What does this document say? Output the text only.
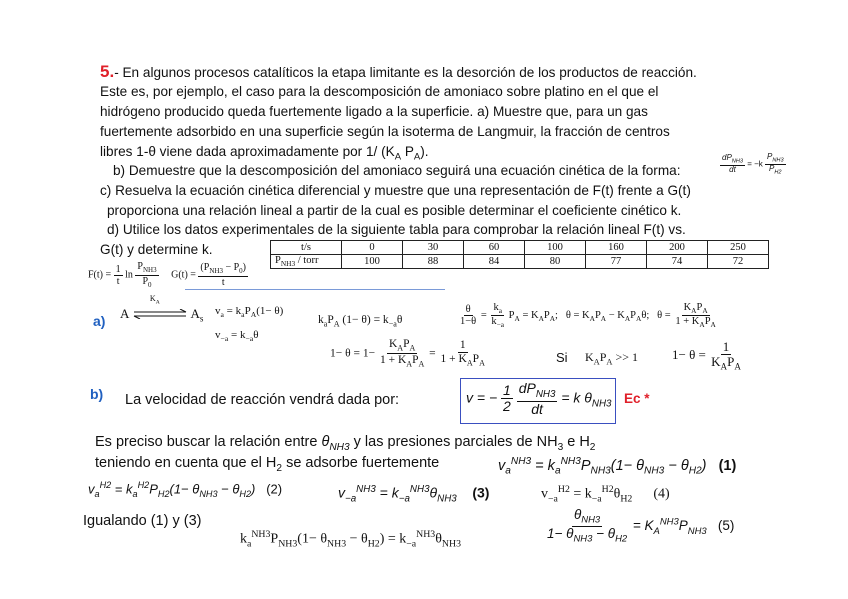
5.- En algunos procesos catalíticos la etapa limitante es la desorción de los productos de reacción.
Este es, por ejemplo, el caso para la descomposición de amoniaco sobre platino en el que el
hidrógeno producido queda fuertemente ligado a la superficie. a) Muestre que, para un gas
fuertemente adsorbido en una superficie según la isoterma de Langmuir, la fracción de centros
libres 1-θ viene dada aproximadamente por 1/ ($K_A$ $P_A$).
b) Demuestre que la descomposición del amoniaco seguirá una ecuación cinética de la forma:	$\frac{dP_{NH3}}{dt} = -k \frac{P_{NH3}}{P_{H2}}$
c) Resuelva la ecuación cinética diferencial y muestre que una representación de F(t) frente a G(t)
proporciona una relación lineal a partir de la cual es posible determinar el coeficiente cinético k.
d) Utilice los datos experimentales de la siguiente tabla para comprobar la relación lineal F(t) vs.
G(t) y determine k.	t/s	0	30	60	100	160	200	250
$P_{NH3}$ / torr	100	88	84	80	77	74	72
$F(t) = \frac{1}{t}$ $\ln \frac{P_{NH3}}{P_0} G(t) = \frac{(P_{NH3} - P_0)}{t}$
a) A
$K_A$
$A_s$
$v_a = k_aP_A(1- \theta)$
$v_{-a} = k_{-a}\theta$
$k_aP_A$ $(1- \theta) = k_{-a}\theta$	$\frac{\theta}{1-\theta} = \frac{k_a}{k_{-a}} P_A = K_AP_A$;   $\theta = K_AP_A - K_AP_A\theta$;   $\theta = \frac{K_AP_A}{1 + K_AP_A}$
$1- \theta = 1- \frac{K_AP_A}{1 + K_AP_A} = \frac{1}{1 + K_AP_A}$	Si $K_AP_A >> 1$	$1- \theta = \frac{1}{K_AP_A}$
b) La velocidad de reacción vendrá dada por:	v = − $\frac{1}{2}$
$\frac{dP_{NH3}}{dt} = k$ $\theta_{NH3}$ Ec *
Es preciso buscar la relación entre $\theta_{NH3}$ y las presiones parciales de $NH_3$ e $H_2$
teniendo en cuenta que el $H_2$ se adsorbe fuertemente	$v_a^{NH3} = k_a^{NH3}P_{NH3}(1- \theta_{NH3} - \theta_{H2})$   (1)
$v_a^{H2} = k_a^{H2}P_{H2}(1- \theta_{NH3} - \theta_{H2})$   (2)	$v_{-a}^{NH3} = k_{-a}^{NH3}\theta_{NH3}$ (3)	$v_{-a}^{H2} = k_{-a}^{H2}\theta_{H2}$ (4)
Igualando (1) y (3)
$k_a^{NH3}P_{NH3}(1- \theta_{NH3} - \theta_{H2}) = k_{-a}^{NH3}\theta_{NH3}$	$\frac{\theta_{NH3}}{1- \theta_{NH3} - \theta_{H2}} = K_A^{NH3}P_{NH3}$ (5)
